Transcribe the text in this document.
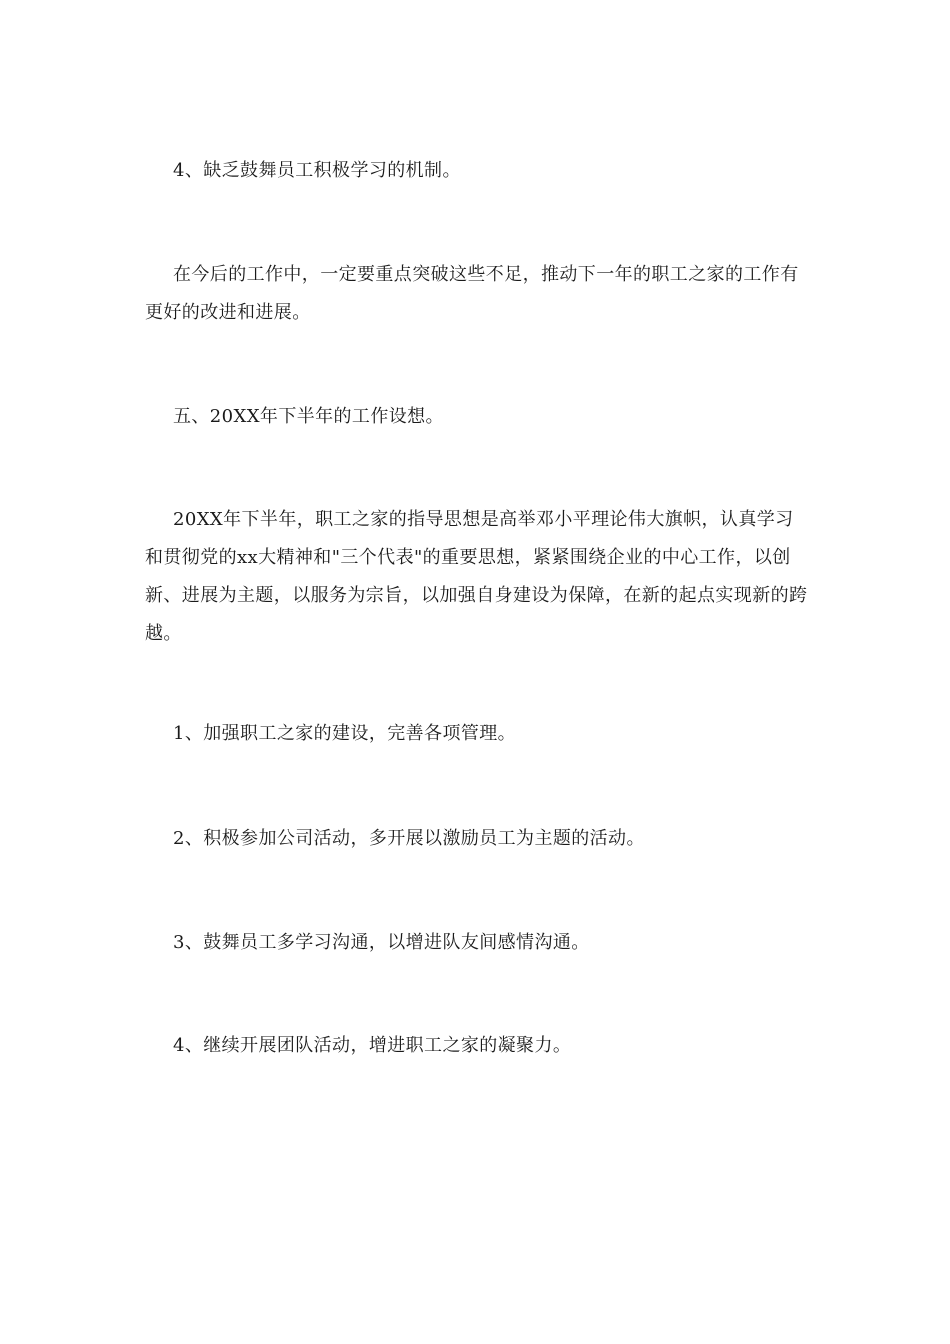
4、缺乏鼓舞员工积极学习的机制。

在今后的工作中，一定要重点突破这些不足，推动下一年的职工之家的工作有更好的改进和进展。

五、20XX年下半年的工作设想。

20XX年下半年，职工之家的指导思想是高举邓小平理论伟大旗帜，认真学习和贯彻党的xx大精神和"三个代表"的重要思想，紧紧围绕企业的中心工作，以创新、进展为主题，以服务为宗旨，以加强自身建设为保障，在新的起点实现新的跨越。

1、加强职工之家的建设，完善各项管理。

2、积极参加公司活动，多开展以激励员工为主题的活动。

3、鼓舞员工多学习沟通，以增进队友间感情沟通。

4、继续开展团队活动，增进职工之家的凝聚力。
